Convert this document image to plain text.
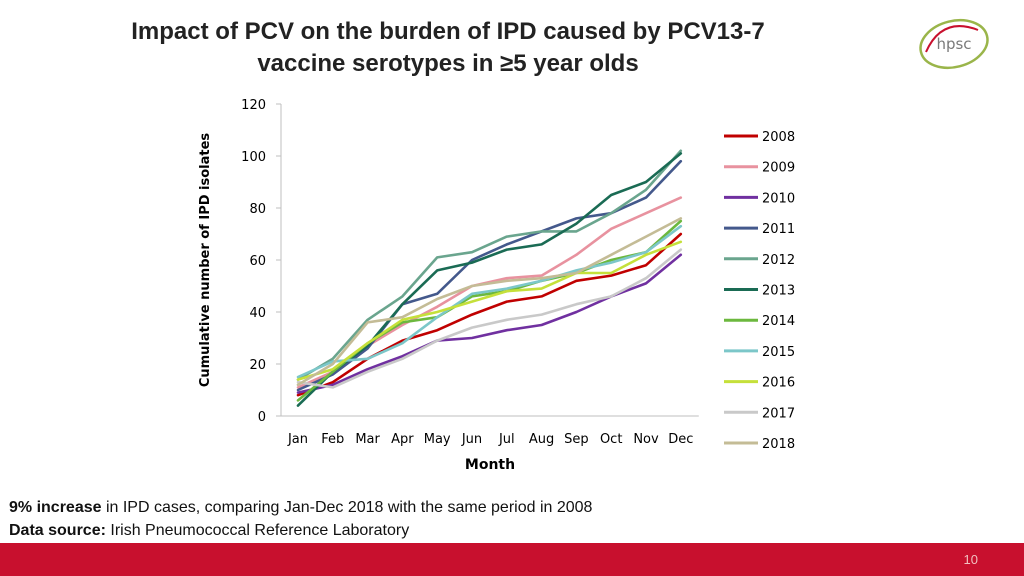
Impact of PCV on the burden of IPD caused by PCV13-7
vaccine serotypes in ≥5 year olds
hpsc
0
20
40
60
80
100
120
Jan Feb Mar Apr May Jun Jul Aug Sep Oct Nov Dec
2008
2009
2010
2011
2012
2013
2014
2015
2016
2017
2018
Cumulative number of IPD isolates
Month
9% increase in IPD cases, comparing Jan-Dec 2018 with the same period in 2008
Data source: Irish Pneumococcal Reference Laboratory
10
